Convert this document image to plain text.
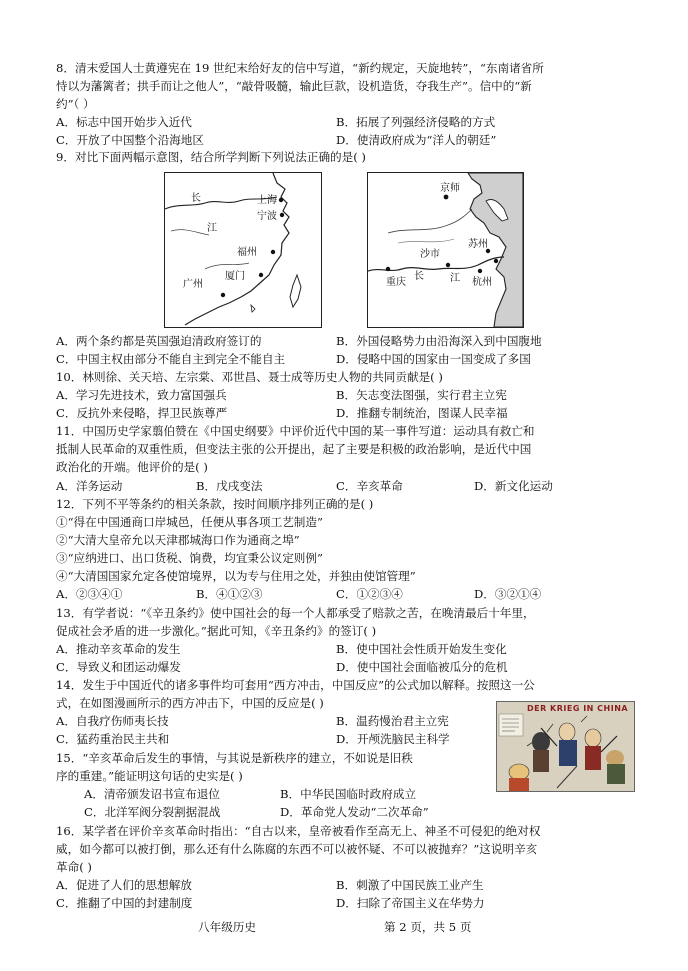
8．清末爱国人士黄遵宪在 19 世纪末给好友的信中写道，“新约规定，天旋地转”，“东南诸省所
恃以为藩篱者；拱手而让之他人”，“敲骨吸髓，输此巨款，设机造货，夺我生产”。信中的“新
约”（ ）
A．标志中国开始步入近代	B．拓展了列强经济侵略的方式
C．开放了中国整个沿海地区	D．使清政府成为“洋人的朝廷”
9．对比下面两幅示意图，结合所学判断下列说法正确的是( )
长
江
上海
宁波
福州
厦门
广州
京师
苏州
沙市
重庆
长	江 杭州
A．两个条约都是英国强迫清政府签订的	B．外国侵略势力由沿海深入到中国腹地
C．中国主权由部分不能自主到完全不能自主	D．侵略中国的国家由一国变成了多国
10．林则徐、关天培、左宗棠、邓世昌、聂士成等历史人物的共同贡献是( )
A．学习先进技术，致力富国强兵	B．矢志变法图强，实行君主立宪
C．反抗外来侵略，捍卫民族尊严	D．推翻专制统治，图谋人民幸福
11．中国历史学家翦伯赞在《中国史纲要》中评价近代中国的某一事件写道：运动具有救亡和
抵制人民革命的双重性质，但变法主张的公开提出，起了主要是积极的政治影响，是近代中国
政治化的开端。他评价的是( )
A．洋务运动	B．戊戌变法	C．辛亥革命	D．新文化运动
12．下列不平等条约的相关条款，按时间顺序排列正确的是( )
①“得在中国通商口岸城邑，任便从事各项工艺制造”
②“大清大皇帝允以天津郡城海口作为通商之埠”
③“应纳进口、出口货税、饷费，均宜秉公议定则例”
④“大清国国家允定各使馆境界，以为专与住用之处，并独由使馆管理”
A．②③④①	B．④①②③	C．①②③④	D．③②①④
13．有学者说：“《辛丑条约》使中国社会的每一个人都承受了赔款之苦，在晚清最后十年里，
促成社会矛盾的进一步激化。”据此可知，《辛丑条约》的签订( )
A．推动辛亥革命的发生	B．使中国社会性质开始发生变化
C．导致义和团运动爆发	D．使中国社会面临被瓜分的危机
14．发生于中国近代的诸多事件均可套用“西方冲击，中国反应”的公式加以解释。按照这一公
式，在如图漫画所示的西方冲击下，中国的反应是( )
A．自我疗伤师夷长技	B．温药慢治君主立宪
C．猛药重治民主共和	D．开颅洗脑民主科学
DER KRIEG IN CHINA
15．“辛亥革命后发生的事情，与其说是新秩序的建立，不如说是旧秩
序的重建。”能证明这句话的史实是( )
A．清帝颁发诏书宣布退位	B．中华民国临时政府成立
C．北洋军阀分裂割据混战	D．革命党人发动“二次革命”
16．某学者在评价辛亥革命时指出：“自古以来，皇帝被看作至高无上、神圣不可侵犯的绝对权
威，如今都可以被打倒，那么还有什么陈腐的东西不可以被怀疑、不可以被抛弃？”这说明辛亥
革命( )
A．促进了人们的思想解放	B．刺激了中国民族工业产生
C．推翻了中国的封建制度	D．扫除了帝国主义在华势力
八年级历史	第 2 页，共 5 页
